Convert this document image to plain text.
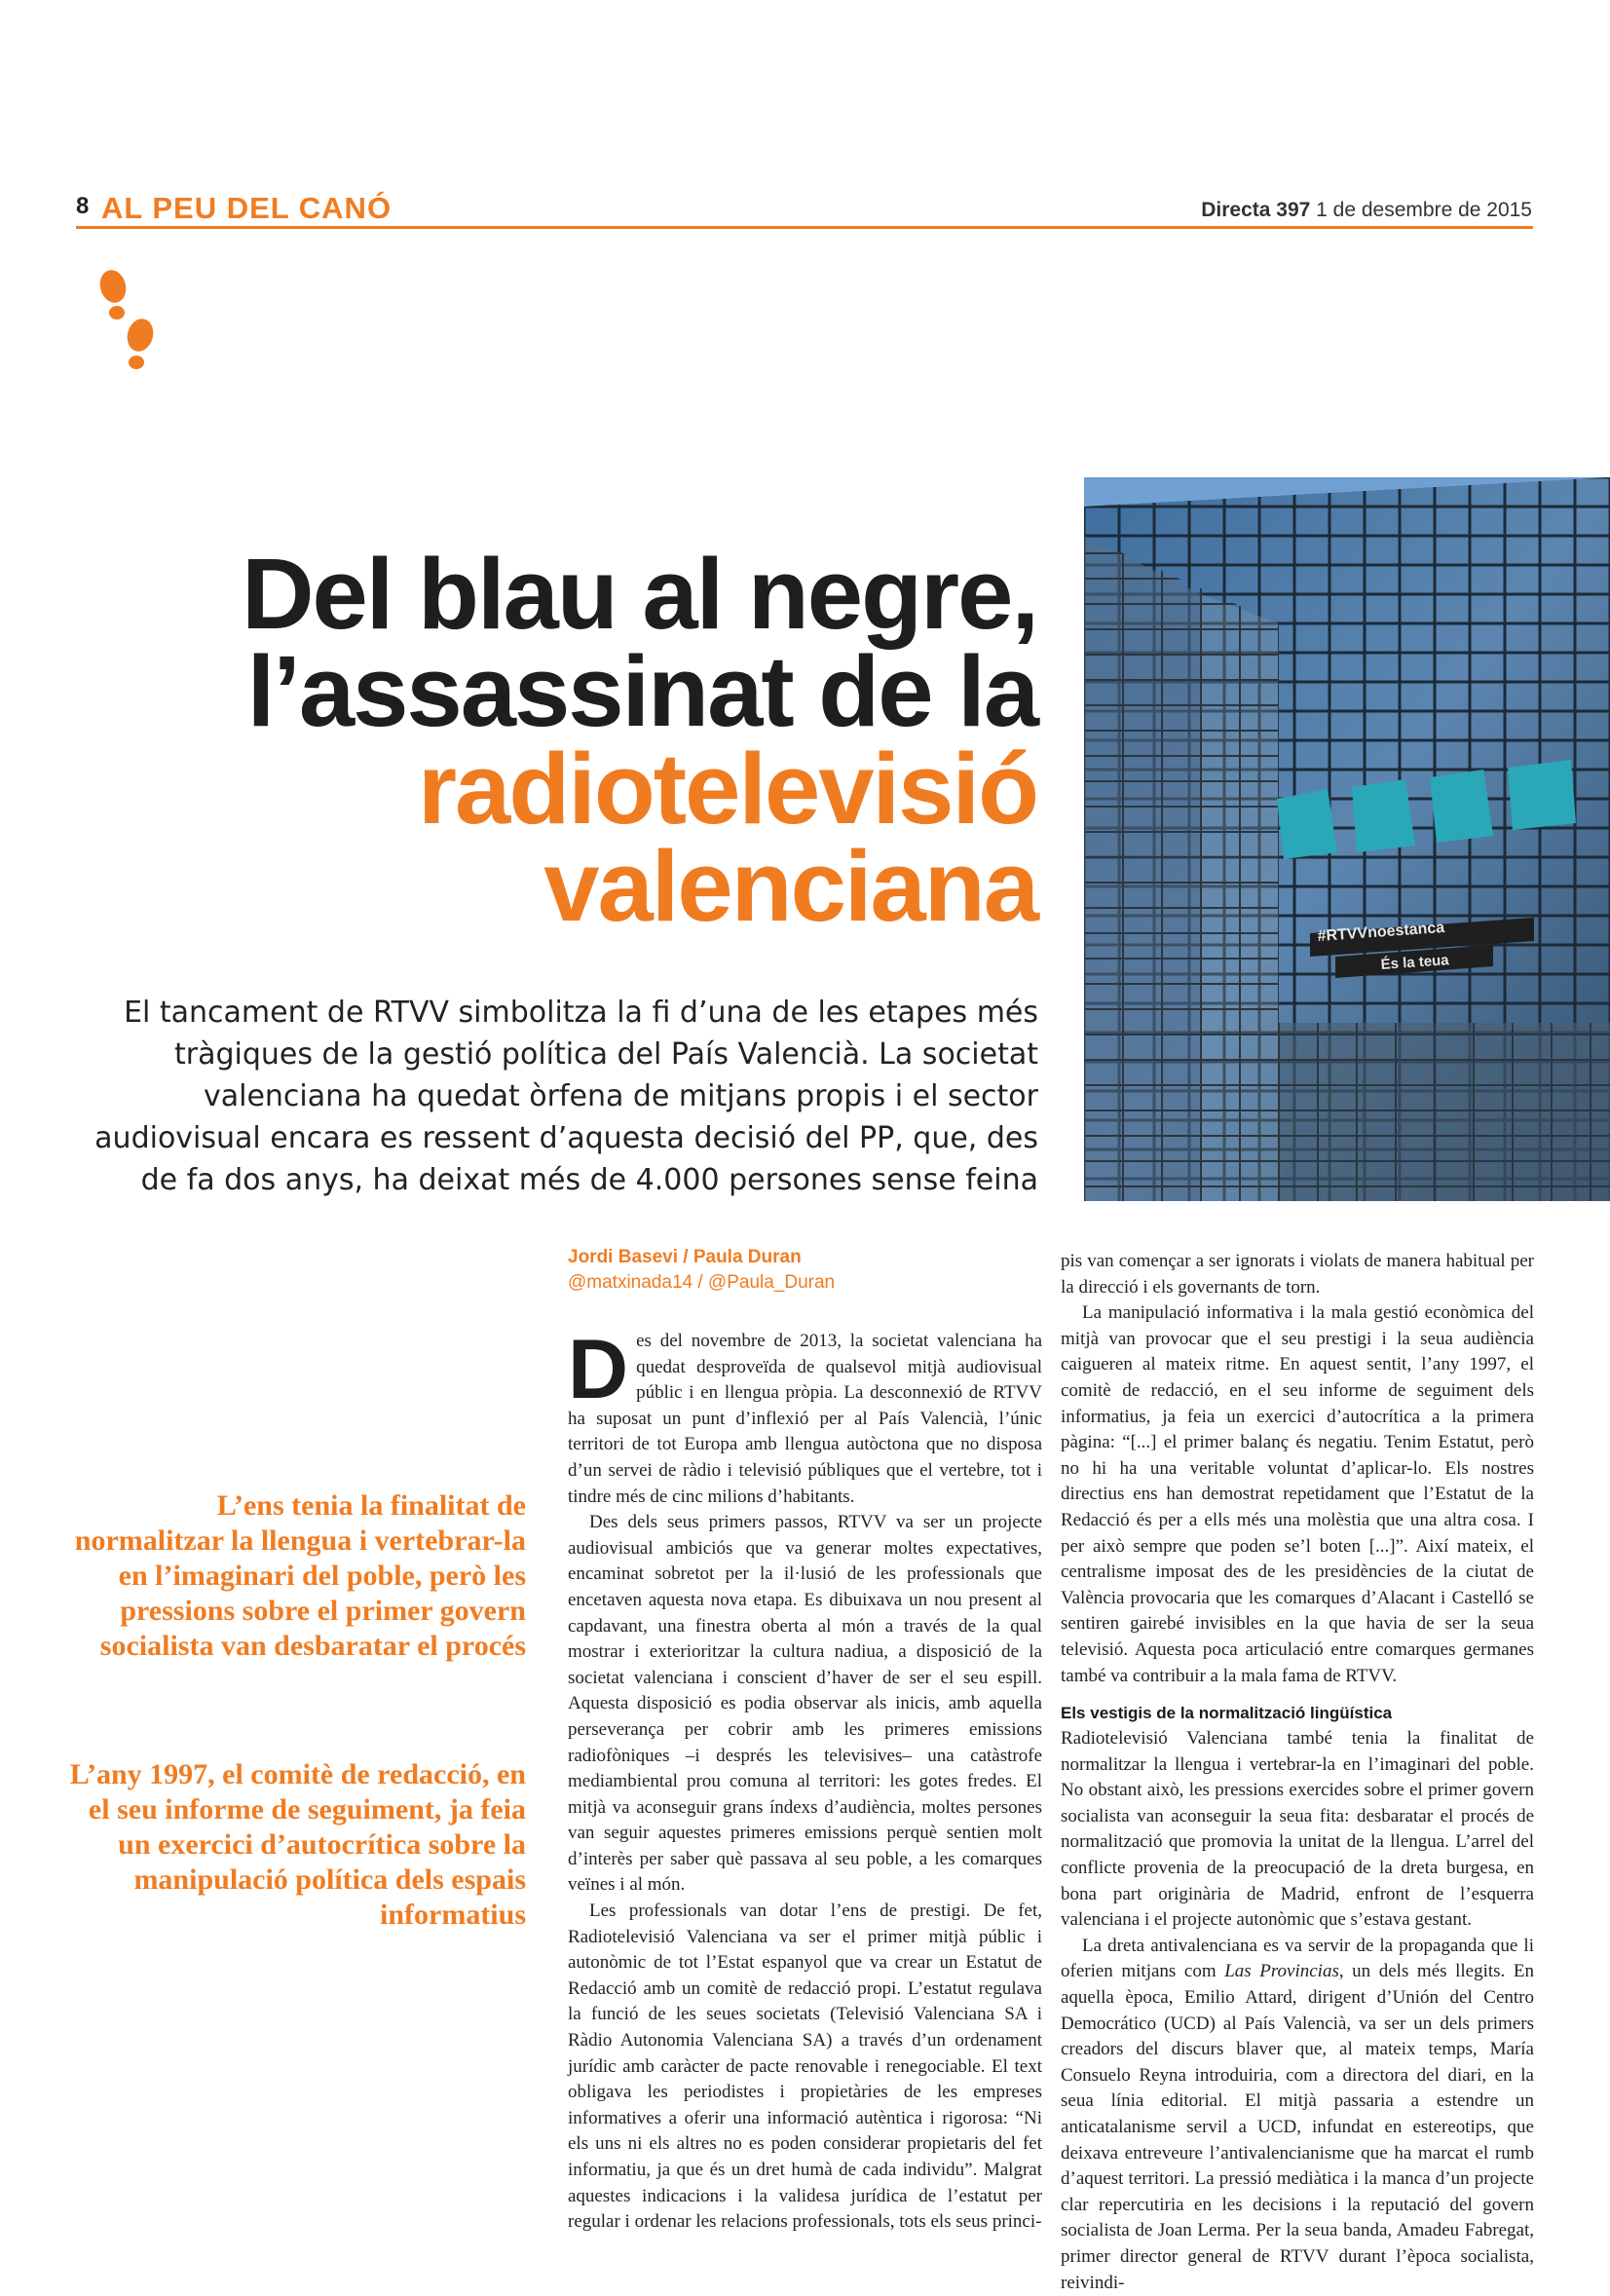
8 AL PEU DEL CANÓ	Directa 397 1 de desembre de 2015
Del blau al negre,
l’assassinat de la
radiotelevisió
valenciana	#RTVVnoestanca
És la teua
El tancament de RTVV simbolitza la fi d’una de les etapes més tràgiques de la gestió política del País Valencià. La societat valenciana ha quedat òrfena de mitjans propis i el sector audiovisual encara es ressent d’aquesta decisió del PP, que, des de fa dos anys, ha deixat més de 4.000 persones sense feina
Jordi Basevi / Paula Duran
@matxinada14 / @Paula_Duran
L’ens tenia la finalitat de normalitzar la llengua i vertebrar-la en l’imaginari del poble, però les pressions sobre el primer govern socialista van desbaratar el procés
L’any 1997, el comitè de redacció, en el seu informe de seguiment, ja feia un exercici d’autocrítica sobre la manipulació política dels espais informatius

Des del novembre de 2013, la societat valenciana ha quedat desproveïda de qualsevol mitjà audiovisual públic i en llengua pròpia. La desconnexió de RTVV ha suposat un punt d’inflexió per al País Valencià, l’únic territori de tot Europa amb llengua autòctona que no disposa d’un servei de ràdio i televisió públiques que el vertebre, tot i tindre més de cinc milions d’habitants.

Des dels seus primers passos, RTVV va ser un projecte audiovisual ambiciós que va generar moltes expectatives, encaminat sobretot per la il·lusió de les professionals que encetaven aquesta nova etapa. Es dibuixava un nou present al capdavant, una finestra oberta al món a través de la qual mostrar i exterioritzar la cultura nadiua, a disposició de la societat valenciana i conscient d’haver de ser el seu espill. Aquesta disposició es podia observar als inicis, amb aquella perseverança per cobrir amb les primeres emissions radiofòniques –i després les televisives– una catàstrofe mediambiental prou comuna al territori: les gotes fredes. El mitjà va aconseguir grans índexs d’audiència, moltes persones van seguir aquestes primeres emissions perquè sentien molt d’interès per saber què passava al seu poble, a les comarques veïnes i al món.

Les professionals van dotar l’ens de prestigi. De fet, Radiotelevisió Valenciana va ser el primer mitjà públic i autonòmic de tot l’Estat espanyol que va crear un Estatut de Redacció amb un comitè de redacció propi. L’estatut regulava la funció de les seues societats (Televisió Valenciana SA i Ràdio Autonomia Valenciana SA) a través d’un ordenament jurídic amb caràcter de pacte renovable i renegociable. El text obligava les periodistes i propietàries de les empreses informatives a oferir una informació autèntica i rigorosa: “Ni els uns ni els altres no es poden considerar propietaris del fet informatiu, ja que és un dret humà de cada individu”. Malgrat aquestes indicacions i la validesa jurídica de l’estatut per regular i ordenar les relacions professionals, tots els seus princi-

pis van començar a ser ignorats i violats de manera habitual per la direcció i els governants de torn.

La manipulació informativa i la mala gestió econòmica del mitjà van provocar que el seu prestigi i la seua audiència caigueren al mateix ritme. En aquest sentit, l’any 1997, el comitè de redacció, en el seu informe de seguiment dels informatius, ja feia un exercici d’autocrítica a la primera pàgina: “[...] el primer balanç és negatiu. Tenim Estatut, però no hi ha una veritable voluntat d’aplicar-lo. Els nostres directius ens han demostrat repetidament que l’Estatut de la Redacció és per a ells més una molèstia que una altra cosa. I per això sempre que poden se’l boten [...]”. Així mateix, el centralisme imposat des de les presidències de la ciutat de València provocaria que les comarques d’Alacant i Castelló se sentiren gairebé invisibles en la que havia de ser la seua televisió. Aquesta poca articulació entre comarques germanes també va contribuir a la mala fama de RTVV.

Els vestigis de la normalització lingüística

Radiotelevisió Valenciana també tenia la finalitat de normalitzar la llengua i vertebrar-la en l’imaginari del poble. No obstant això, les pressions exercides sobre el primer govern socialista van aconseguir la seua fita: desbaratar el procés de normalització que promovia la unitat de la llengua. L’arrel del conflicte provenia de la preocupació de la dreta burgesa, en bona part originària de Madrid, enfront de l’esquerra valenciana i el projecte autonòmic que s’estava gestant.

La dreta antivalenciana es va servir de la propaganda que li oferien mitjans com Las Provincias, un dels més llegits. En aquella època, Emilio Attard, dirigent d’Unión del Centro Democrático (UCD) al País Valencià, va ser un dels primers creadors del discurs blaver que, al mateix temps, María Consuelo Reyna introduiria, com a directora del diari, en la seua línia editorial. El mitjà passaria a estendre un anticatalanisme servil a UCD, infundat en estereotips, que deixava entreveure l’antivalencianisme que ha marcat el rumb d’aquest territori. La pressió mediàtica i la manca d’un projecte clar repercutiria en les decisions i la reputació del govern socialista de Joan Lerma. Per la seua banda, Amadeu Fabregat, primer director general de RTVV durant l’època socialista, reivindi-
